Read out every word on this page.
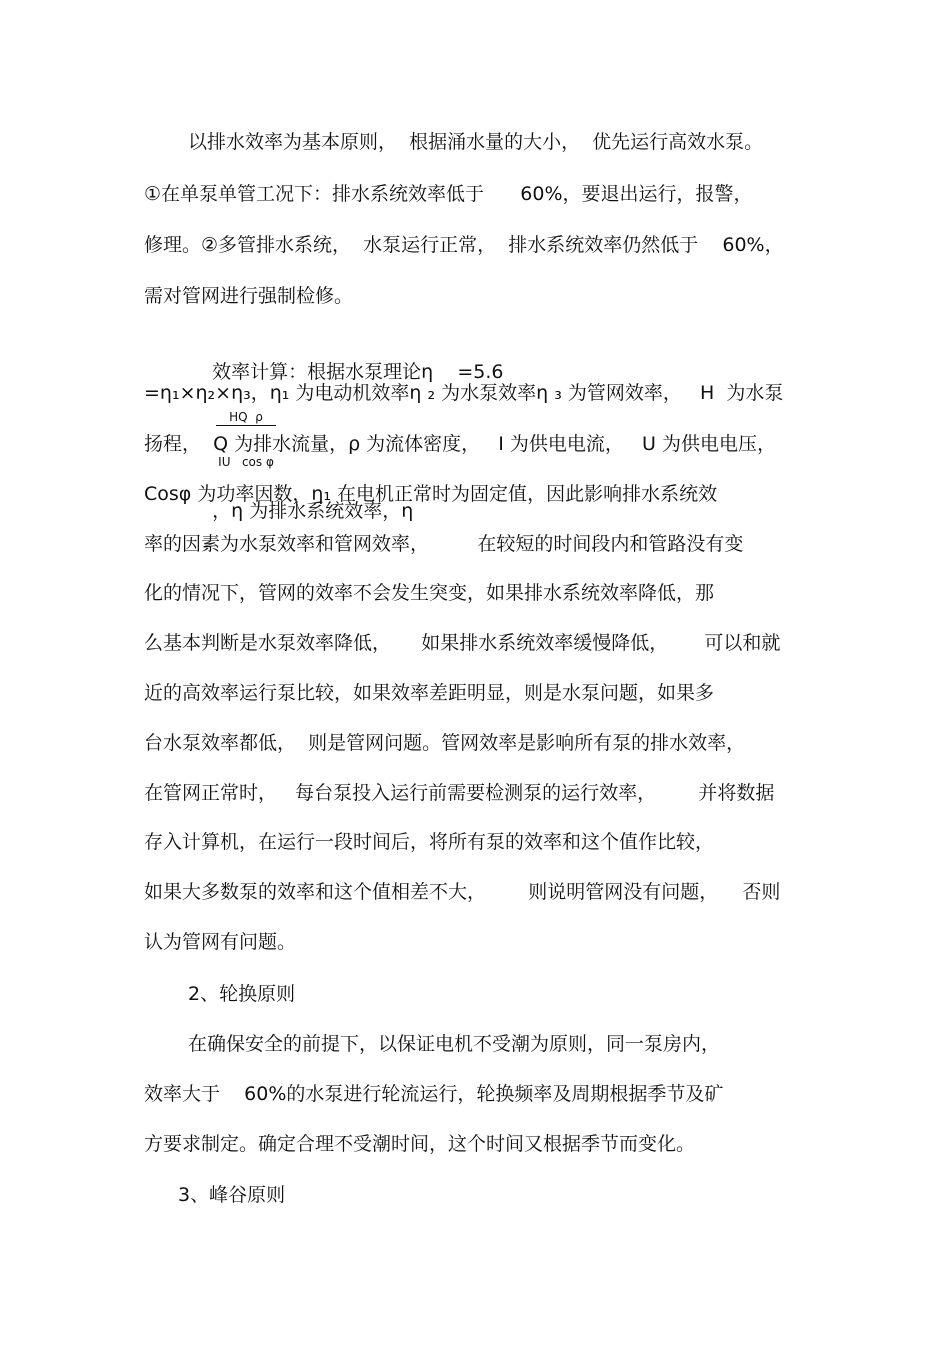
以排水效率为基本原则，  根据涌水量的大小，  优先运行高效水泵。
①在单泵单管工况下：排水系统效率低于      60%，要退出运行，报警，
修理。②多管排水系统，  水泵运行正常，  排水系统效率仍然低于    60%，
需对管网进行强制检修。

效率计算：根据水泵理论η    =5.6

$\frac{\text{HQ  ρ}}{\text{IU   cos φ}}$

，η 为排水系统效率，η

=η₁×η₂×η₃，η₁ 为电动机效率η ₂ 为水泵效率η ₃ 为管网效率，   H  为水泵
扬程，  Q 为排水流量，ρ 为流体密度，   I 为供电电流，   U 为供电电压，
Cosφ 为功率因数，η₁ 在电机正常时为固定值，因此影响排水系统效
率的因素为水泵效率和管网效率，        在较短的时间段内和管路没有变
化的情况下，管网的效率不会发生突变，如果排水系统效率降低，那
么基本判断是水泵效率降低，     如果排水系统效率缓慢降低，      可以和就
近的高效率运行泵比较，如果效率差距明显，则是水泵问题，如果多
台水泵效率都低，  则是管网问题。管网效率是影响所有泵的排水效率，
在管网正常时，   每台泵投入运行前需要检测泵的运行效率，       并将数据
存入计算机，在运行一段时间后，将所有泵的效率和这个值作比较，
如果大多数泵的效率和这个值相差不大，       则说明管网没有问题，    否则
认为管网有问题。
2、轮换原则
在确保安全的前提下，以保证电机不受潮为原则，同一泵房内，
效率大于    60%的水泵进行轮流运行，轮换频率及周期根据季节及矿
方要求制定。确定合理不受潮时间，这个时间又根据季节而变化。
3、峰谷原则
